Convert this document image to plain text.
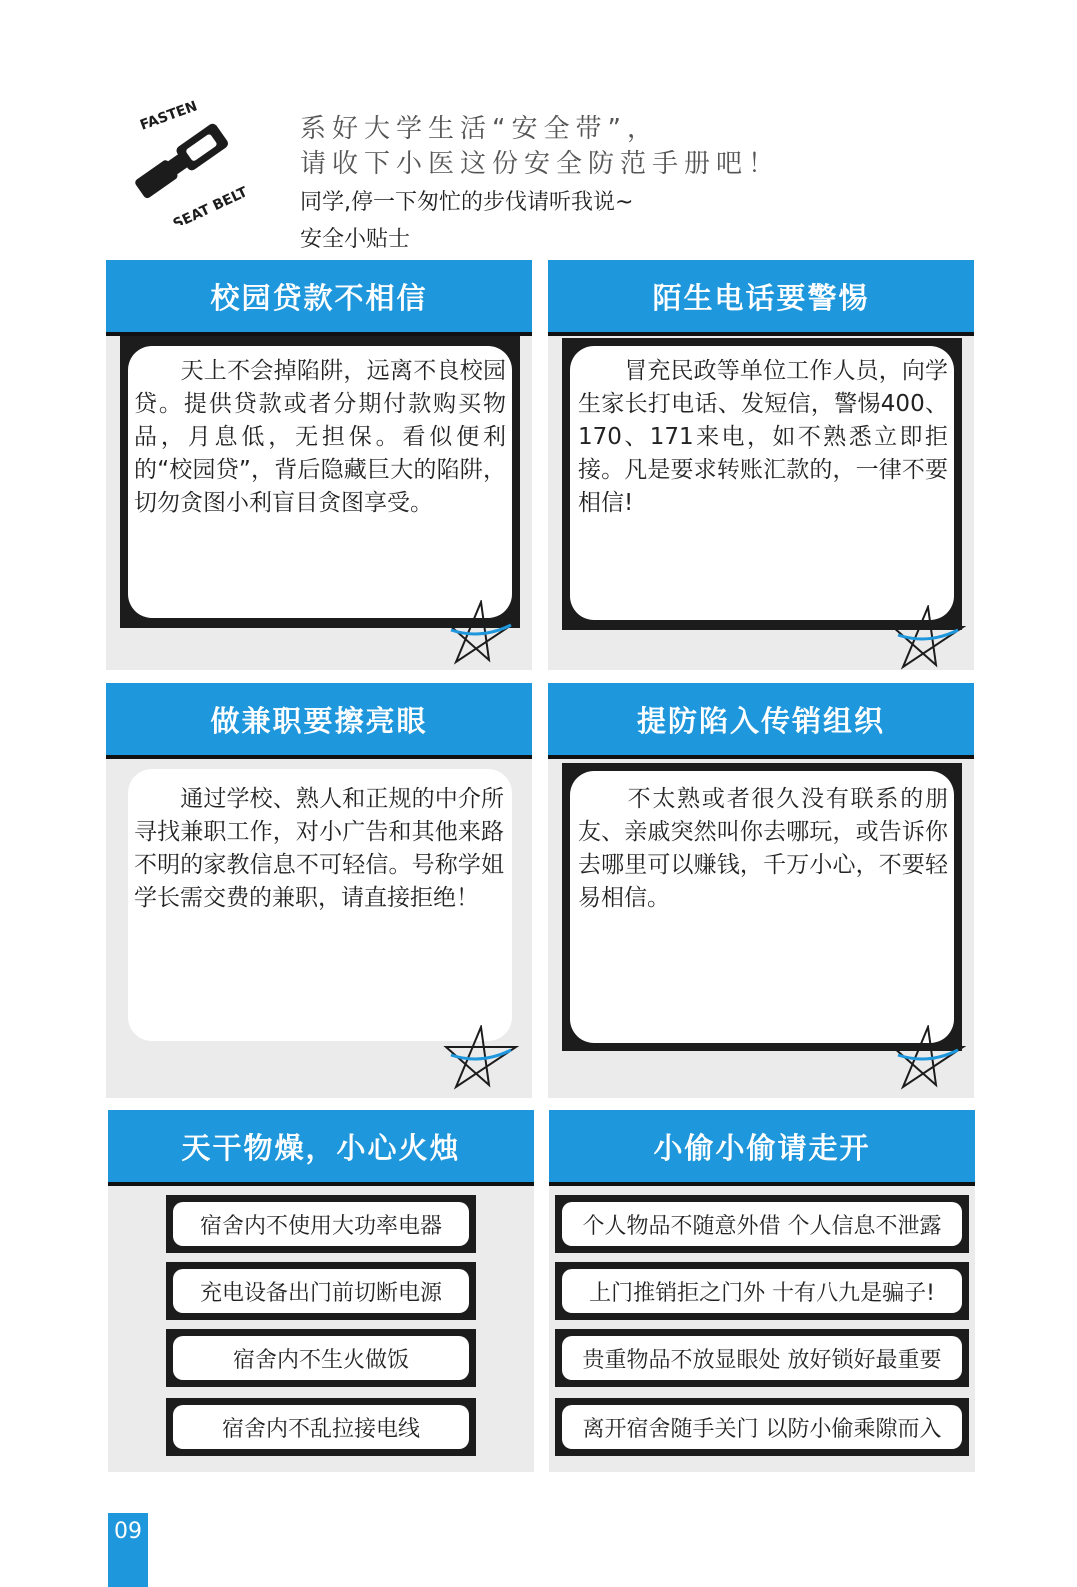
FASTEN
SEAT BELT
系好大学生活“安全带”，
请收下小医这份安全防范手册吧！
同学,停一下匆忙的步伐请听我说~
安全小贴士
校园贷款不相信
　　天上不会掉陷阱，远离不良校园贷。提供贷款或者分期付款购买物品，月息低，无担保。看似便利的“校园贷”，背后隐藏巨大的陷阱，切勿贪图小利盲目贪图享受。
陌生电话要警惕
　　冒充民政等单位工作人员，向学生家长打电话、发短信，警惕400、170、171来电，如不熟悉立即拒接。凡是要求转账汇款的，一律不要相信!
做兼职要擦亮眼
　　通过学校、熟人和正规的中介所寻找兼职工作，对小广告和其他来路不明的家教信息不可轻信。号称学姐学长需交费的兼职，请直接拒绝！
提防陷入传销组织
　　不太熟或者很久没有联系的朋友、亲戚突然叫你去哪玩，或告诉你去哪里可以赚钱，千万小心，不要轻易相信。
天干物燥，小心火烛
宿舍内不使用大功率电器
充电设备出门前切断电源
宿舍内不生火做饭
宿舍内不乱拉接电线
小偷小偷请走开
个人物品不随意外借 个人信息不泄露
上门推销拒之门外 十有八九是骗子!
贵重物品不放显眼处 放好锁好最重要
离开宿舍随手关门 以防小偷乘隙而入
09
